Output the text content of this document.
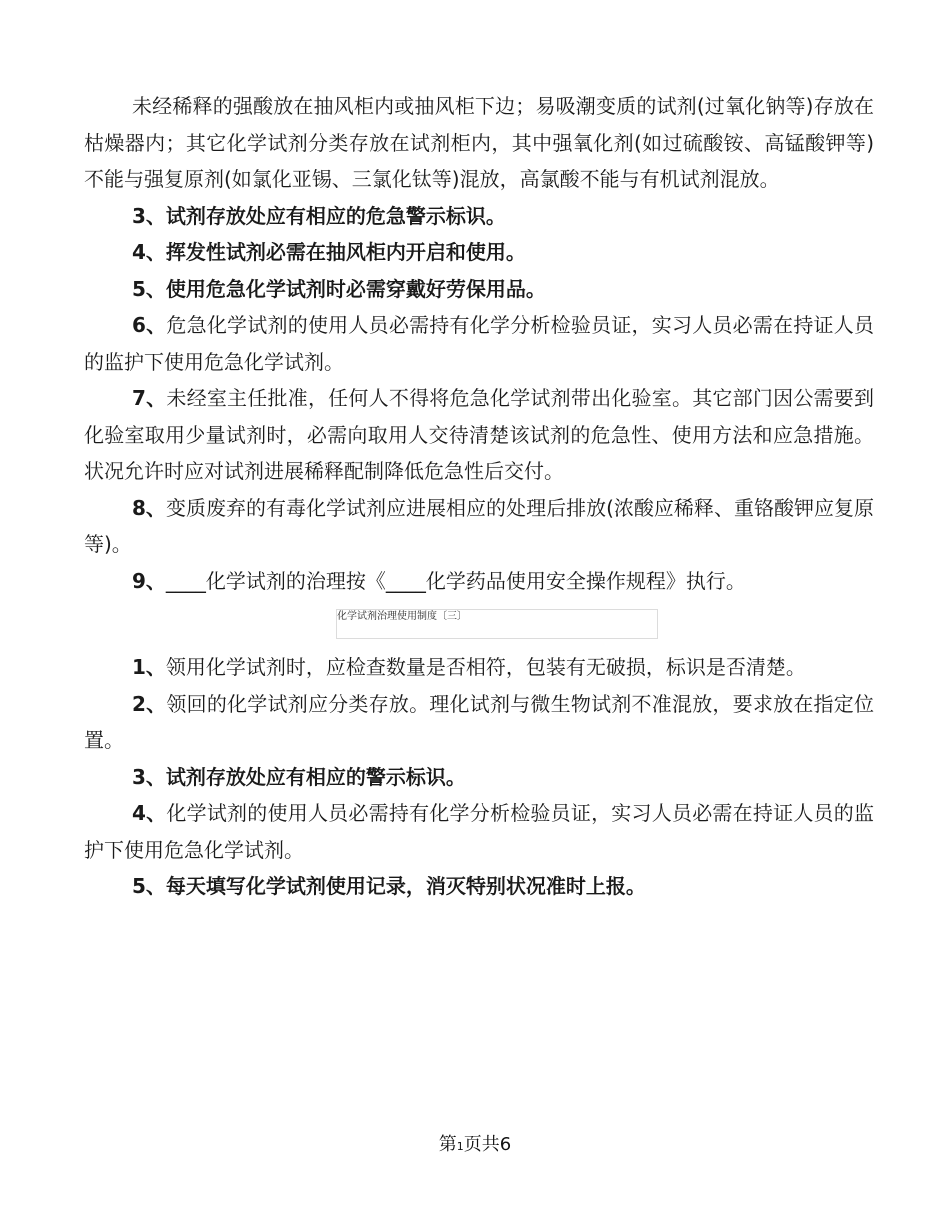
未经稀释的强酸放在抽风柜内或抽风柜下边；易吸潮变质的试剂(过氧化钠等)存放在枯燥器内；其它化学试剂分类存放在试剂柜内，其中强氧化剂(如过硫酸铵、高锰酸钾等)不能与强复原剂(如氯化亚锡、三氯化钛等)混放，高氯酸不能与有机试剂混放。

3、试剂存放处应有相应的危急警示标识。

4、挥发性试剂必需在抽风柜内开启和使用。

5、使用危急化学试剂时必需穿戴好劳保用品。

6、危急化学试剂的使用人员必需持有化学分析检验员证，实习人员必需在持证人员的监护下使用危急化学试剂。

7、未经室主任批准，任何人不得将危急化学试剂带出化验室。其它部门因公需要到化验室取用少量试剂时，必需向取用人交待清楚该试剂的危急性、使用方法和应急措施。状况允许时应对试剂进展稀释配制降低危急性后交付。

8、变质废弃的有毒化学试剂应进展相应的处理后排放(浓酸应稀释、重铬酸钾应复原等)。

9、____化学试剂的治理按《____化学药品使用安全操作规程》执行。

化学试剂治理使用制度〔三〕

1、领用化学试剂时，应检查数量是否相符，包装有无破损，标识是否清楚。

2、领回的化学试剂应分类存放。理化试剂与微生物试剂不准混放，要求放在指定位置。

3、试剂存放处应有相应的警示标识。

4、化学试剂的使用人员必需持有化学分析检验员证，实习人员必需在持证人员的监护下使用危急化学试剂。

5、每天填写化学试剂使用记录，消灭特别状况准时上报。

第1页共6
